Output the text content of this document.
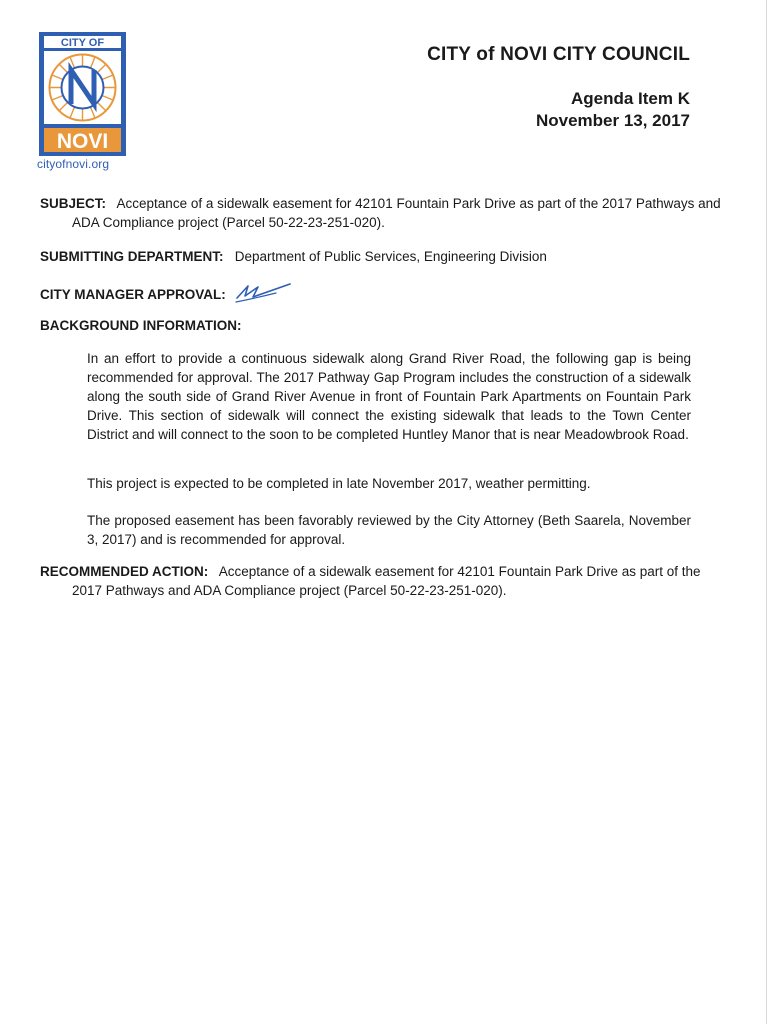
CITY OF
NOVI
cityofnovi.org
CITY of NOVI CITY COUNCIL
Agenda Item K
November 13, 2017
SUBJECT: Acceptance of a sidewalk easement for 42101 Fountain Park Drive as part of the 2017 Pathways and ADA Compliance project (Parcel 50-22-23-251-020).
SUBMITTING DEPARTMENT: Department of Public Services, Engineering Division
CITY MANAGER APPROVAL:
BACKGROUND INFORMATION:

In an effort to provide a continuous sidewalk along Grand River Road, the following gap is being recommended for approval. The 2017 Pathway Gap Program includes the construction of a sidewalk along the south side of Grand River Avenue in front of Fountain Park Apartments on Fountain Park Drive. This section of sidewalk will connect the existing sidewalk that leads to the Town Center District and will connect to the soon to be completed Huntley Manor that is near Meadowbrook Road.

This project is expected to be completed in late November 2017, weather permitting.

The proposed easement has been favorably reviewed by the City Attorney (Beth Saarela, November 3, 2017) and is recommended for approval.

RECOMMENDED ACTION: Acceptance of a sidewalk easement for 42101 Fountain Park Drive as part of the 2017 Pathways and ADA Compliance project (Parcel 50-22-23-251-020).
